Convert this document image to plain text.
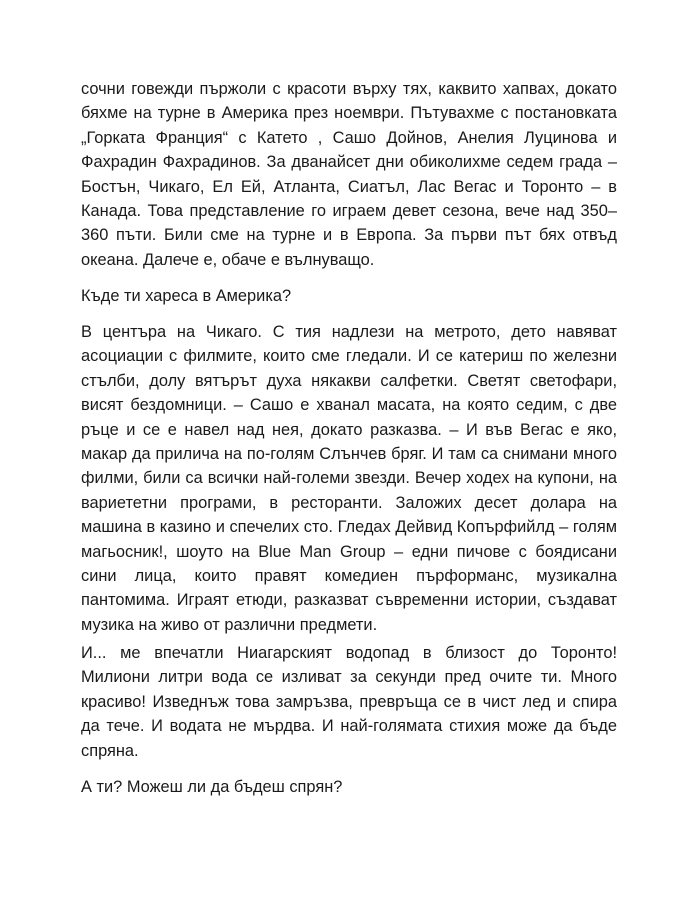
сочни говежди пържоли с красоти върху тях, каквито хапвах, докато бяхме на турне в Америка през ноември. Пътувахме с постановката „Горката Франция“ с Катето , Сашо Дойнов, Анелия Луцинова и Фахрадин Фахрадинов. За дванайсет дни обиколихме седем града – Бостън, Чикаго, Ел Ей, Атланта, Сиатъл, Лас Вегас и Торонто – в Канада. Това представление го играем девет сезона, вече над 350–360 пъти. Били сме на турне и в Европа. За първи път бях отвъд океана. Далече е, обаче е вълнуващо.

Къде ти хареса в Америка?

В центъра на Чикаго. С тия надлези на метрото, дето навяват асоциации с филмите, които сме гледали. И се катериш по железни стълби, долу вятърът духа някакви салфетки. Светят светофари, висят бездомници. – Сашо е хванал масата, на която седим, с две ръце и се е навел над нея, докато разказва. – И във Вегас е яко, макар да прилича на по-голям Слънчев бряг. И там са снимани много филми, били са всички най-големи звезди. Вечер ходех на купони, на вариететни програми, в ресторанти. Заложих десет долара на машина в казино и спечелих сто. Гледах Дейвид Копърфийлд – голям магьосник!, шоуто на Blue Man Group – едни пичове с боядисани сини лица, които правят комедиен пърформанс, музикална пантомима. Играят етюди, разказват съвременни истории, създават музика на живо от различни предмети.

И... ме впечатли Ниагарският водопад в близост до Торонто! Милиони литри вода се изливат за секунди пред очите ти. Много красиво! Изведнъж това замръзва, превръща се в чист лед и спира да тече. И водата не мърдва. И най-голямата стихия може да бъде спряна.

А ти? Можеш ли да бъдеш спрян?
